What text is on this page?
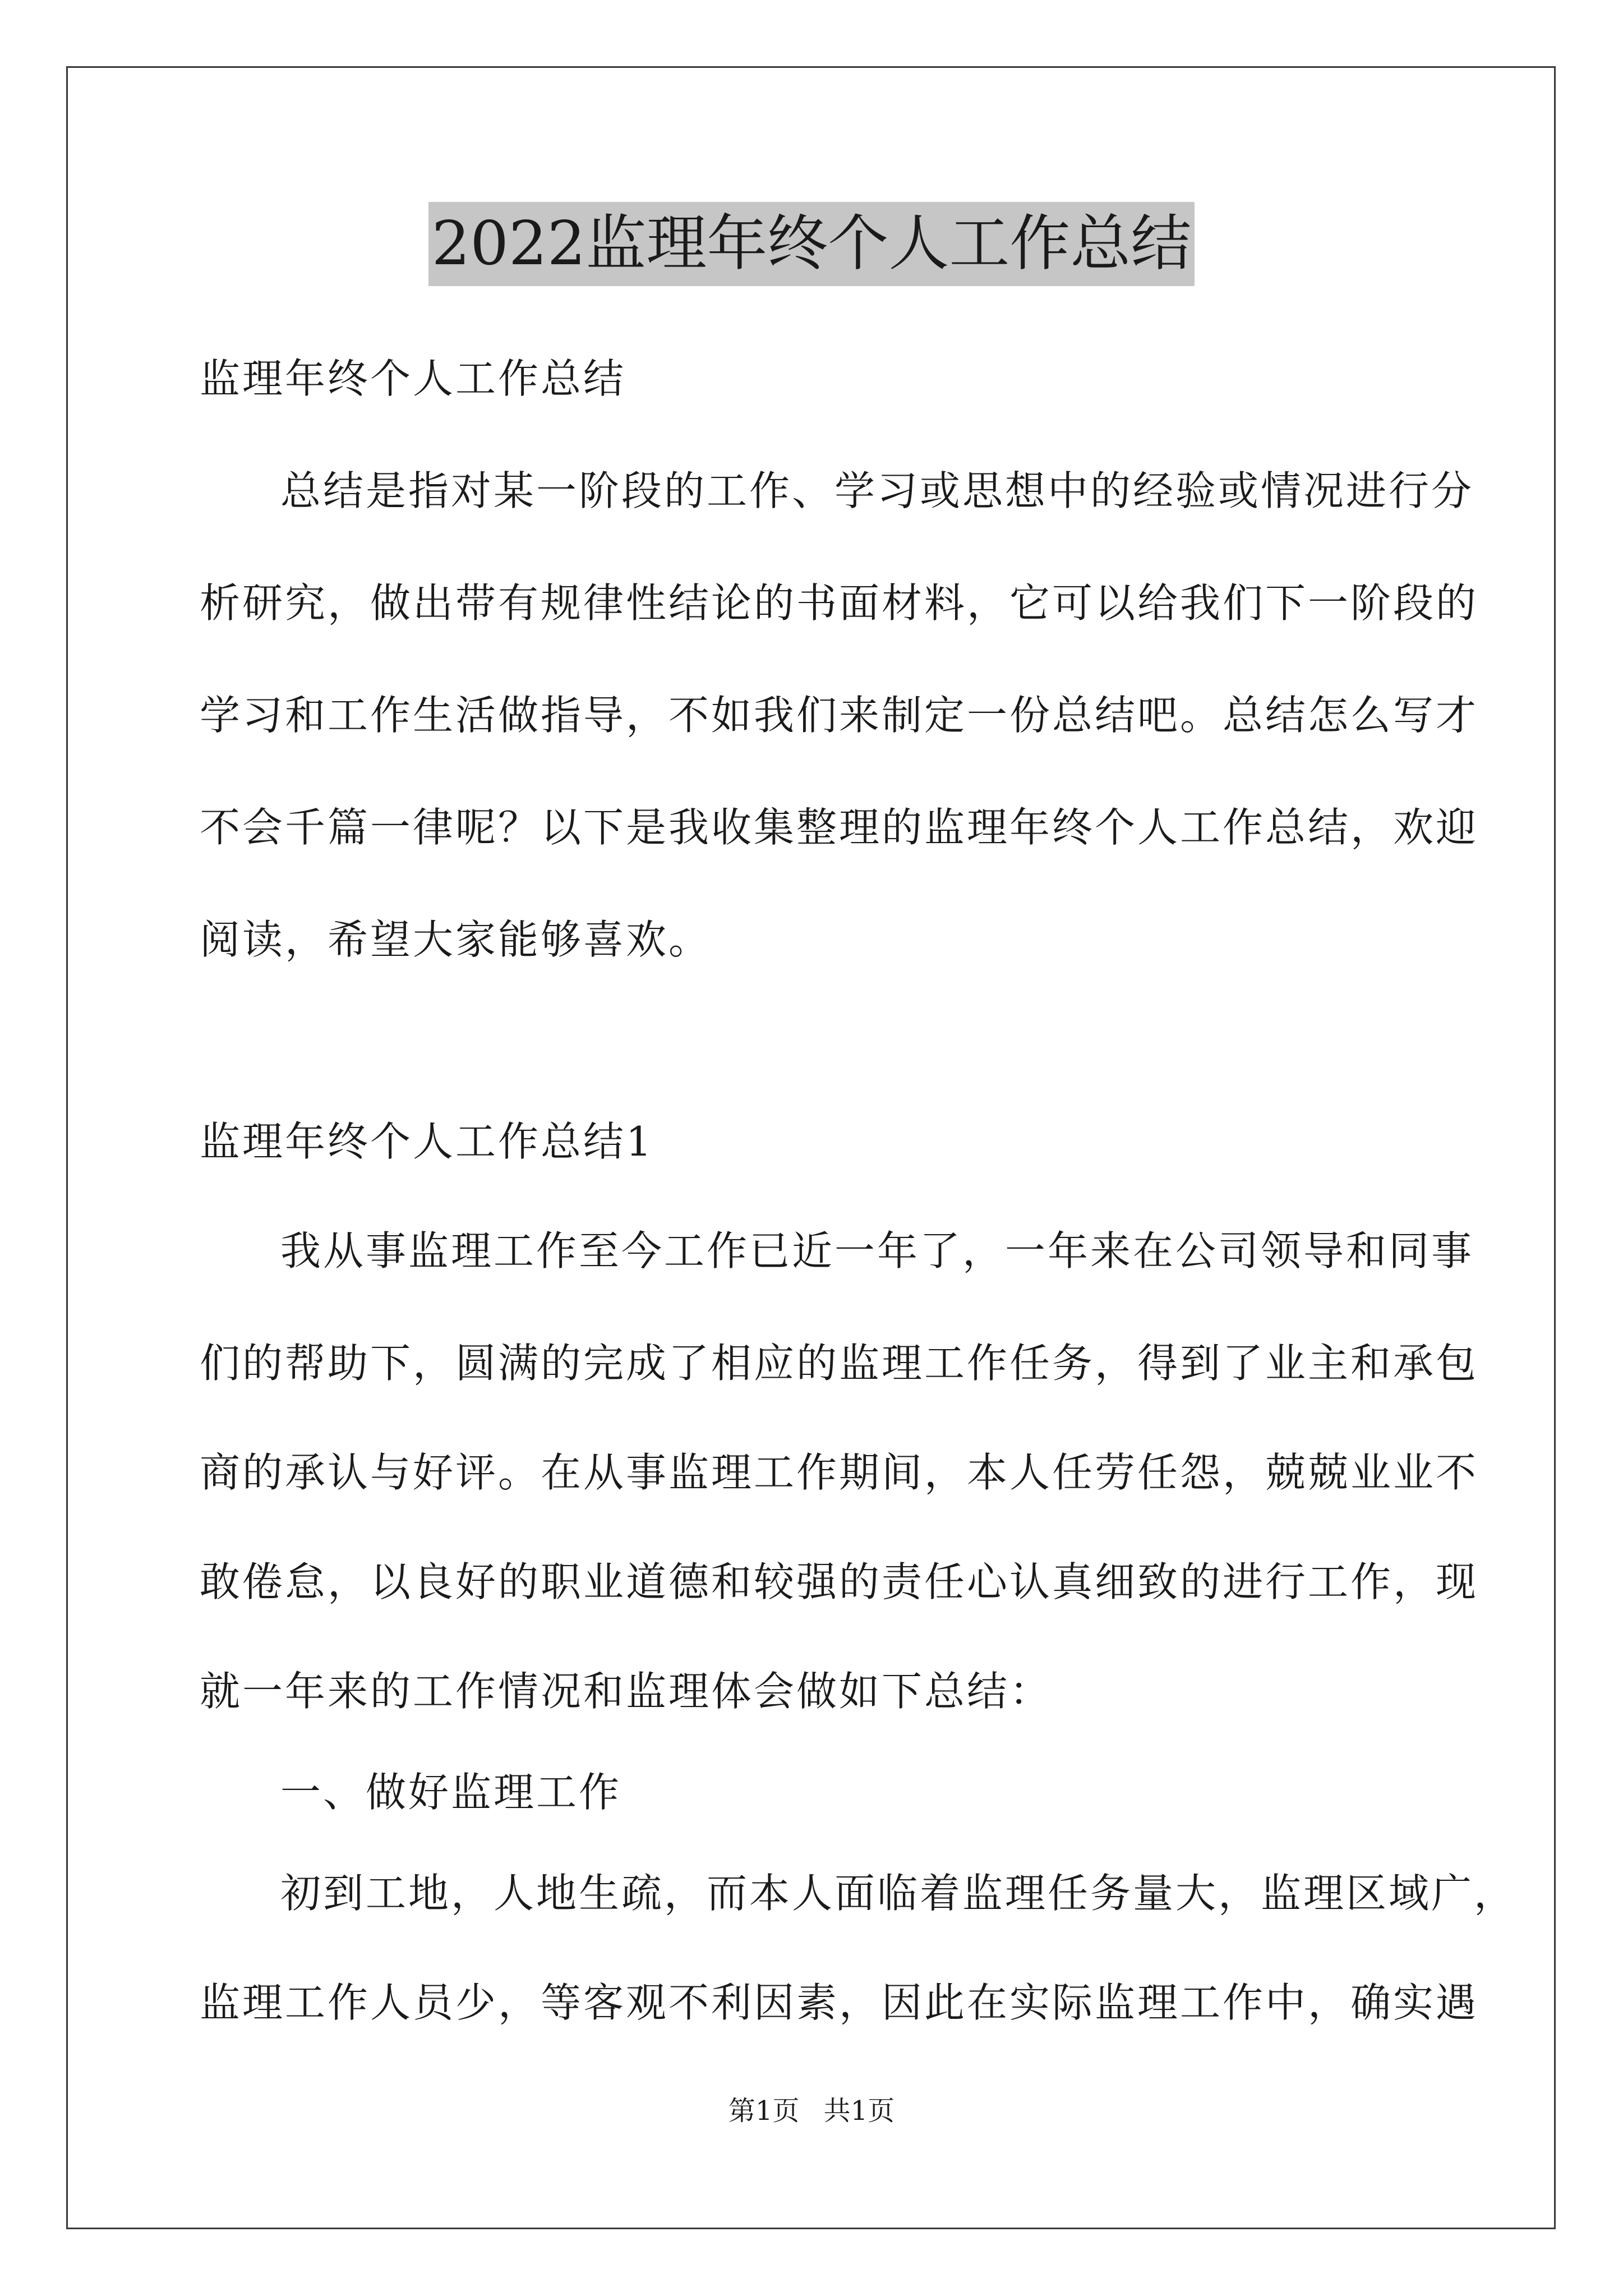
2022监理年终个人工作总结
监理年终个人工作总结
总结是指对某一阶段的工作、学习或思想中的经验或情况进行分
析研究，做出带有规律性结论的书面材料，它可以给我们下一阶段的
学习和工作生活做指导，不如我们来制定一份总结吧。总结怎么写才
不会千篇一律呢？以下是我收集整理的监理年终个人工作总结，欢迎
阅读，希望大家能够喜欢。
监理年终个人工作总结1
我从事监理工作至今工作已近一年了，一年来在公司领导和同事
们的帮助下，圆满的完成了相应的监理工作任务，得到了业主和承包
商的承认与好评。在从事监理工作期间，本人任劳任怨，兢兢业业不
敢倦怠，以良好的职业道德和较强的责任心认真细致的进行工作，现
就一年来的工作情况和监理体会做如下总结：
一、做好监理工作
初到工地，人地生疏，而本人面临着监理任务量大，监理区域广，
监理工作人员少，等客观不利因素，因此在实际监理工作中，确实遇
第1页 共1页
